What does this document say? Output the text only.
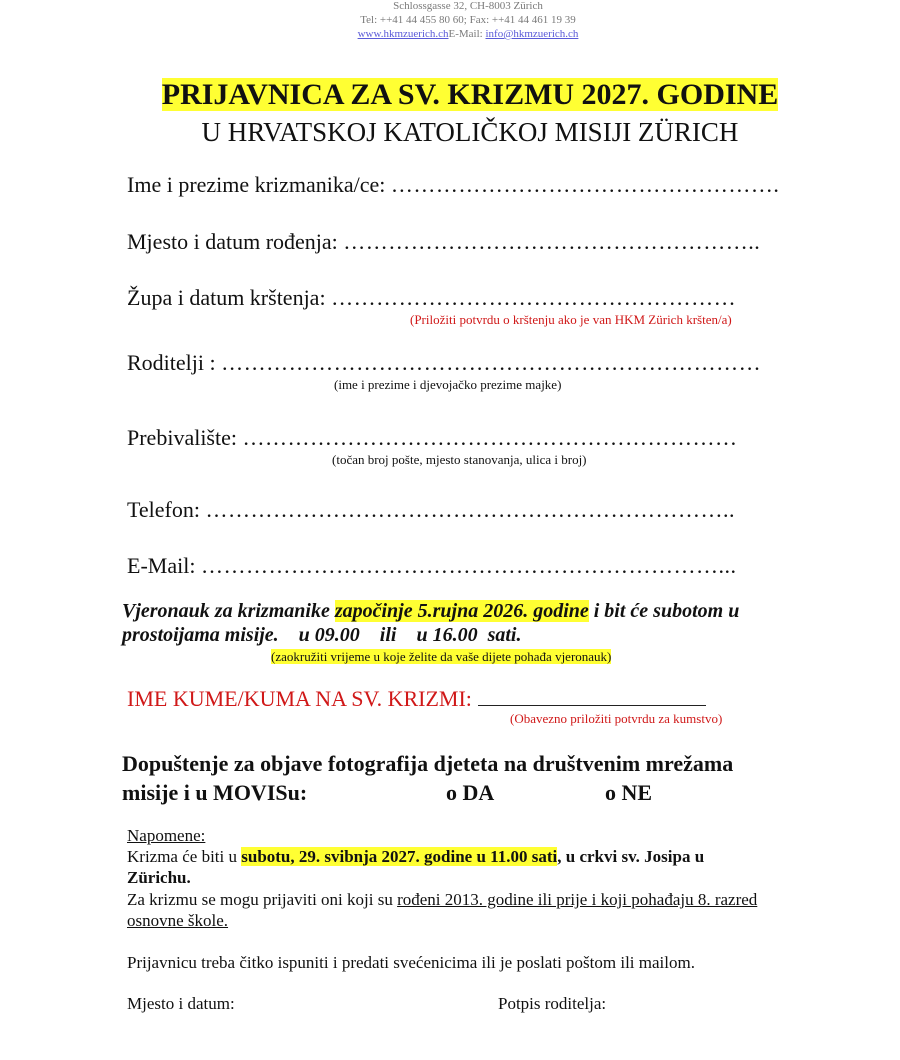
Schlossgasse 32, CH-8003 Zürich
Tel: ++41 44 455 80 60; Fax: ++41 44 461 19 39
www.hkmzuerich.chE-Mail: info@hkmzuerich.ch
PRIJAVNICA ZA SV. KRIZMU 2027. GODINE
U HRVATSKOJ KATOLIČKOJ MISIJI ZÜRICH
Ime i prezime krizmanika/ce: …………………………………………….
Mjesto i datum rođenja: ………………………………………………..
Župa i datum krštenja: ………………………………………………
(Priložiti potvrdu o krštenju ako je van HKM Zürich kršten/a)
Roditelji : ………………………………………………………………
(ime i prezime i djevojačko prezime majke)
Prebivalište: …………………………………………………………
(točan broj pošte, mjesto stanovanja, ulica i broj)
Telefon: ……………………………………………………………..
E-Mail: ……………………………………………………………...
Vjeronauk za krizmanike započinje 5.rujna 2026. godine i bit će subotom u
prostoijama misije.    u 09.00    ili    u 16.00  sati.
(zaokružiti vrijeme u koje želite da vaše dijete pohađa vjeronauk)
IME KUME/KUMA NA SV. KRIZMI:
(Obavezno priložiti potvrdu za kumstvo)
Dopuštenje za objave fotografija djeteta na društvenim mrežama
misije i u MOVISu:	o DA	o NE
Napomene:
Krizma će biti u subotu, 29. svibnja 2027. godine u 11.00 sati, u crkvi sv. Josipa u
Zürichu.
Za krizmu se mogu prijaviti oni koji su rođeni 2013. godine ili prije i koji pohađaju 8. razred
osnovne škole.
Prijavnicu treba čitko ispuniti i predati svećenicima ili je poslati poštom ili mailom.
Mjesto i datum:	Potpis roditelja:
